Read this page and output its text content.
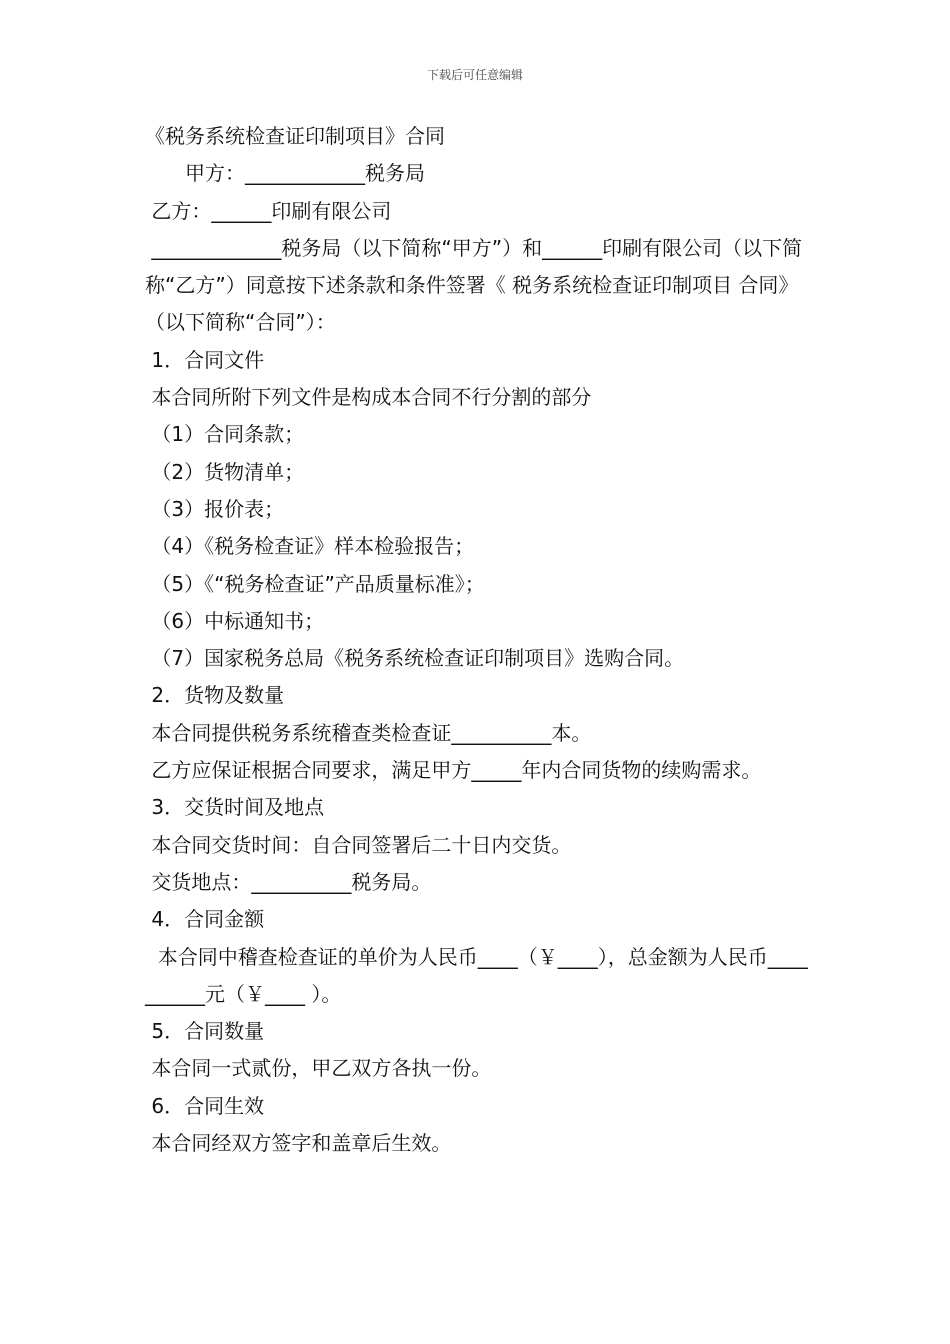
下载后可任意编辑
《税务系统检查证印制项目》合同
　　甲方：____________税务局
乙方：______印刷有限公司
_____________税务局（以下简称“甲方”）和______印刷有限公司（以下简称“乙方”）同意按下述条款和条件签署《 税务系统检查证印制项目 合同》（以下简称“合同”）：
1．合同文件
本合同所附下列文件是构成本合同不行分割的部分
（1）合同条款；
（2）货物清单；
（3）报价表；
（4）《税务检查证》样本检验报告；
（5）《“税务检查证”产品质量标准》；
（6）中标通知书；
（7）国家税务总局《税务系统检查证印制项目》选购合同。
2．货物及数量
本合同提供税务系统稽查类检查证__________本。
乙方应保证根据合同要求，满足甲方_____年内合同货物的续购需求。
3．交货时间及地点
本合同交货时间：自合同签署后二十日内交货。
交货地点：__________税务局。
4．合同金额
本合同中稽查检查证的单价为人民币____（￥____），总金额为人民币__________元（￥____ ）。
5．合同数量
本合同一式贰份，甲乙双方各执一份。
6．合同生效
本合同经双方签字和盖章后生效。
